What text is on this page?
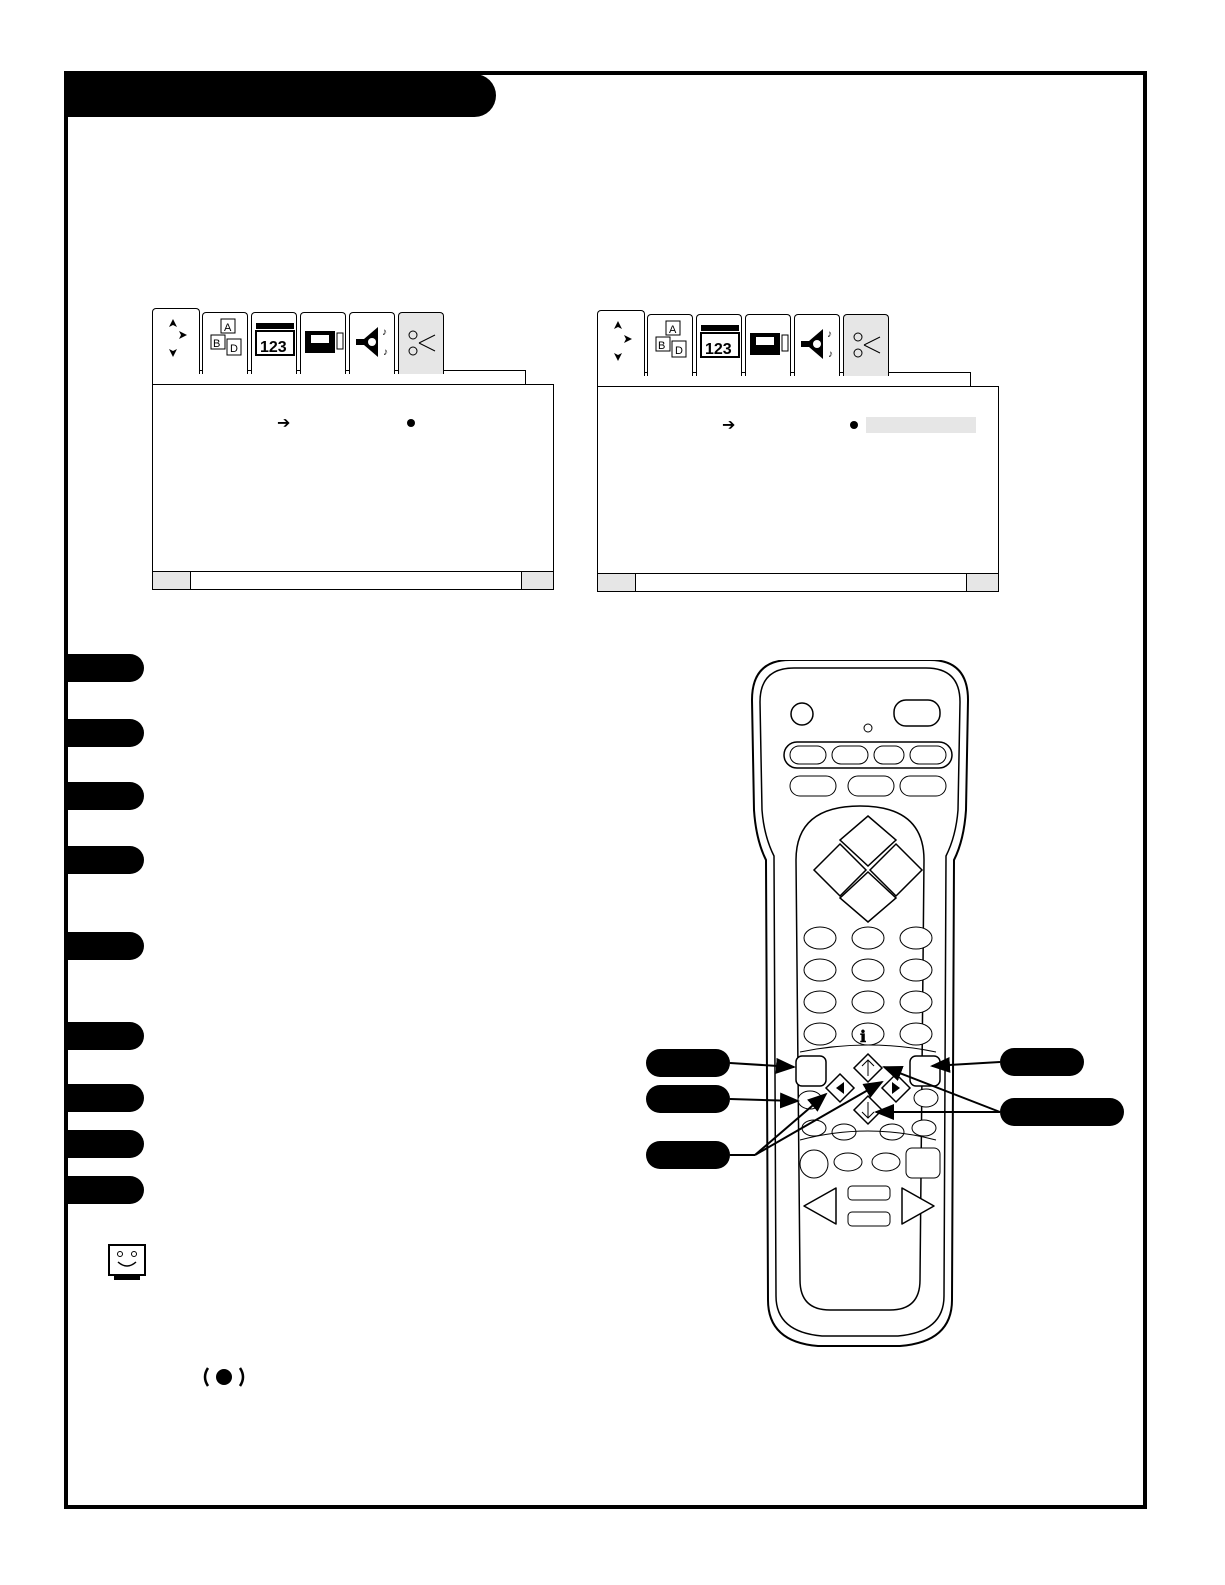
A
B D 123
♪
♪
➔
A
B D 123
♪
♪
➔
ℹ
